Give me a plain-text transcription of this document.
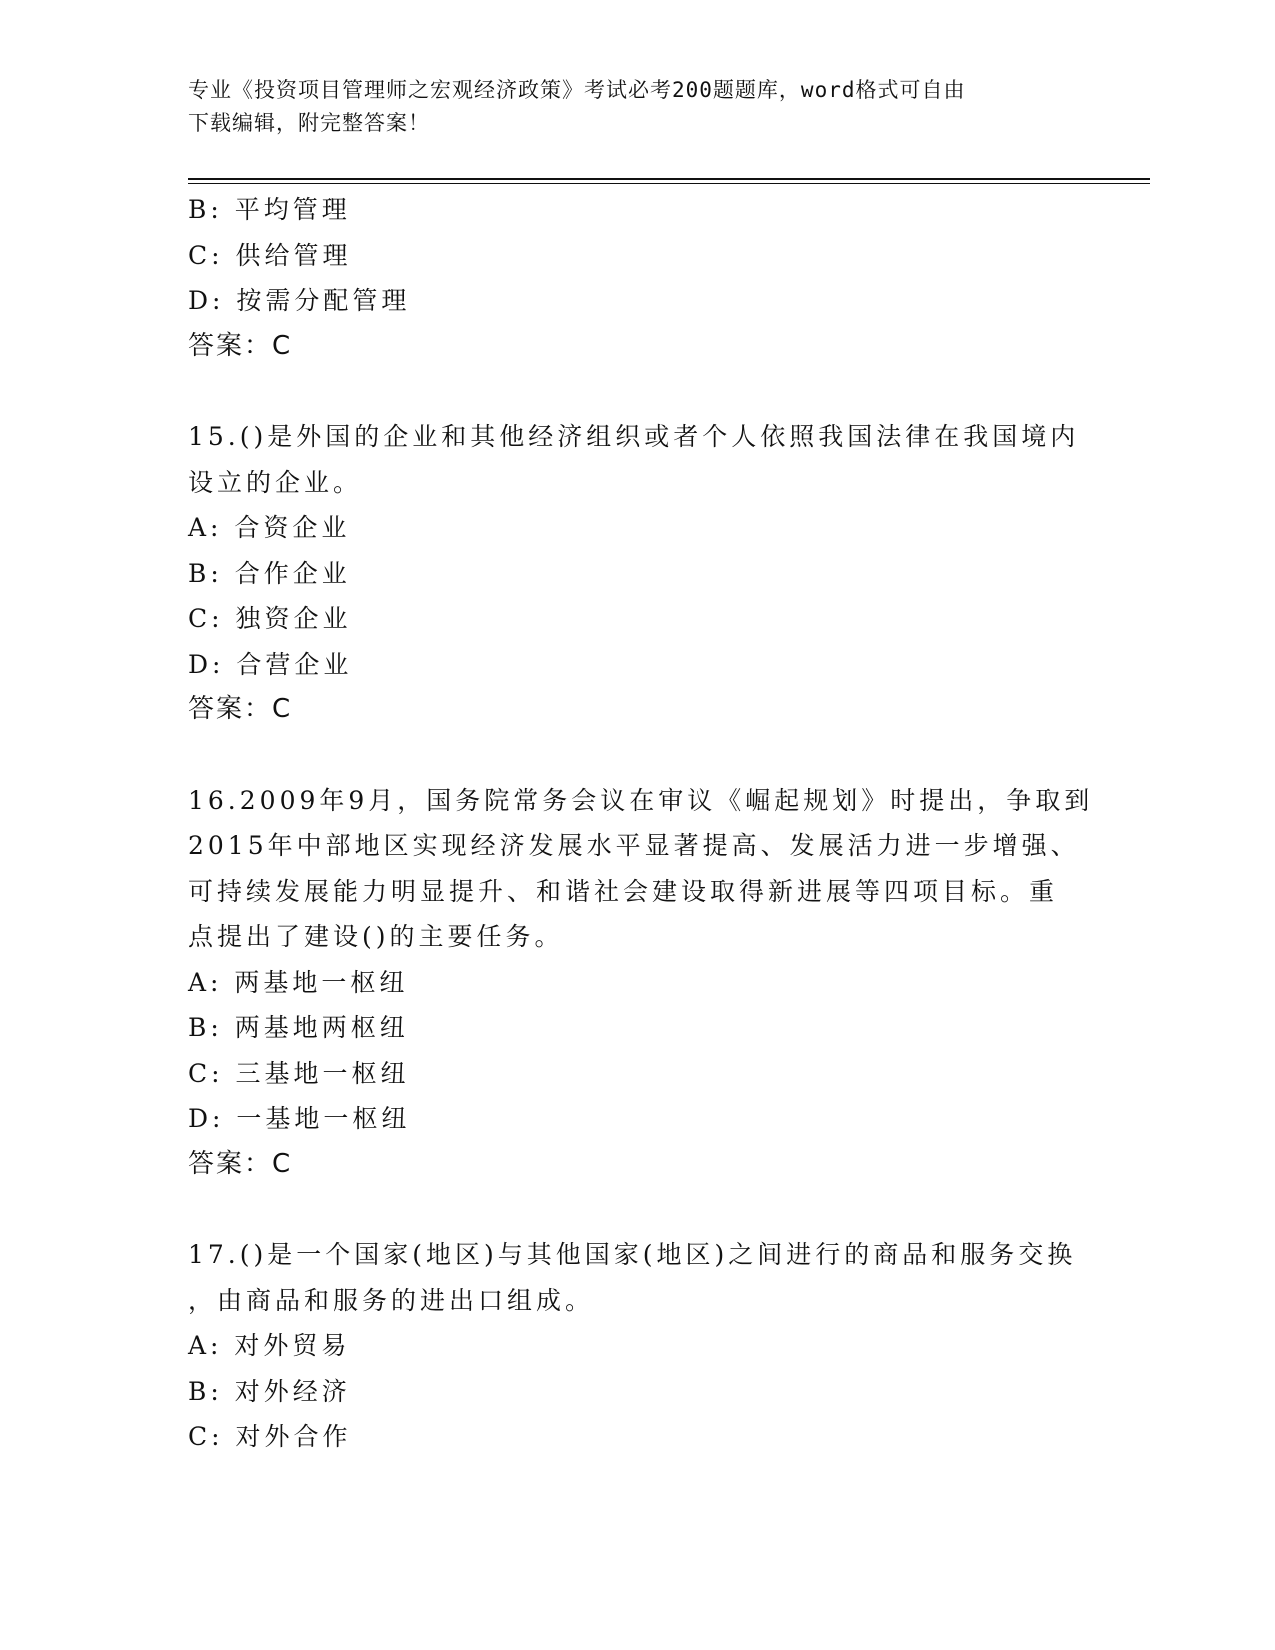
专业《投资项目管理师之宏观经济政策》考试必考200题题库，word格式可自由
下载编辑，附完整答案！
B: 平均管理
C: 供给管理
D: 按需分配管理
答案：C
15.()是外国的企业和其他经济组织或者个人依照我国法律在我国境内
设立的企业。
A: 合资企业
B: 合作企业
C: 独资企业
D: 合营企业
答案：C
16.2009年9月，国务院常务会议在审议《崛起规划》时提出，争取到
2015年中部地区实现经济发展水平显著提高、发展活力进一步增强、
可持续发展能力明显提升、和谐社会建设取得新进展等四项目标。重
点提出了建设()的主要任务。
A: 两基地一枢纽
B: 两基地两枢纽
C: 三基地一枢纽
D: 一基地一枢纽
答案：C
17.()是一个国家(地区)与其他国家(地区)之间进行的商品和服务交换
，由商品和服务的进出口组成。
A: 对外贸易
B: 对外经济
C: 对外合作
